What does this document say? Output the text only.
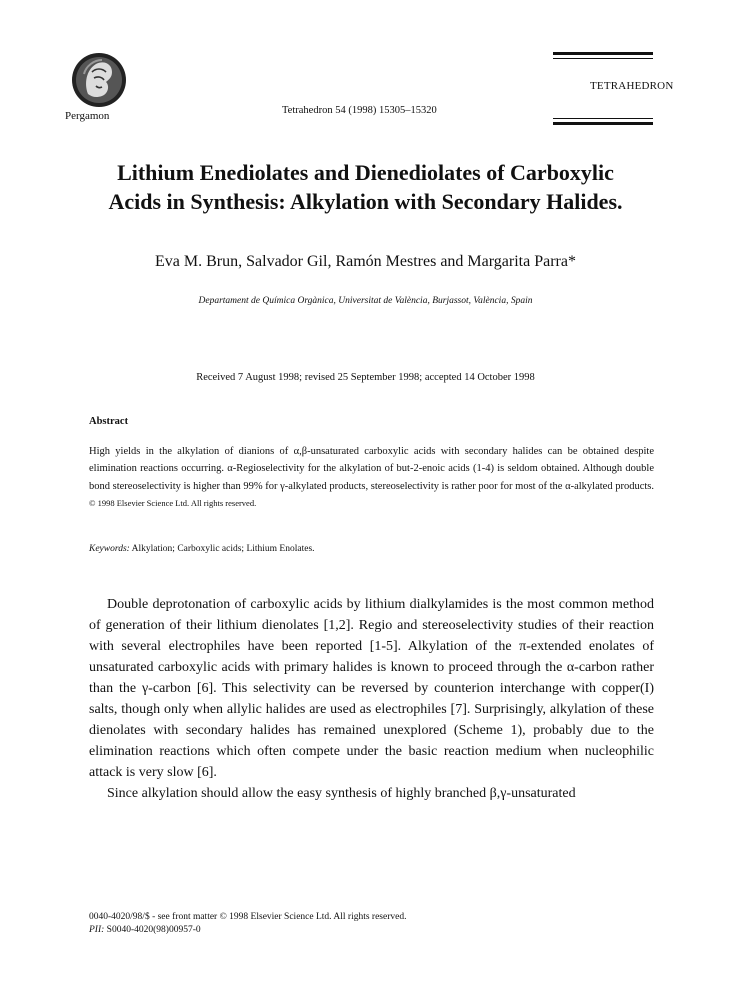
Pergamon
TETRAHEDRON
Tetrahedron 54 (1998) 15305–15320
Lithium Enediolates and Dienediolates of Carboxylic
Acids in Synthesis: Alkylation with Secondary Halides.
Eva M. Brun, Salvador Gil, Ramón Mestres and Margarita Parra*
Departament de Química Orgànica, Universitat de València, Burjassot, València, Spain
Received 7 August 1998; revised 25 September 1998; accepted 14 October 1998
Abstract
High yields in the alkylation of dianions of α,β-unsaturated carboxylic acids with secondary halides can be obtained despite elimination reactions occurring. α-Regioselectivity for the alkylation of but-2-enoic acids (1-4) is seldom obtained. Although double bond stereoselectivity is higher than 99% for γ-alkylated products, stereoselectivity is rather poor for most of the α-alkylated products. © 1998 Elsevier Science Ltd. All rights reserved.
Keywords: Alkylation; Carboxylic acids; Lithium Enolates.

Double deprotonation of carboxylic acids by lithium dialkylamides is the most common method of generation of their lithium dienolates [1,2]. Regio and stereoselectivity studies of their reaction with several electrophiles have been reported [1-5]. Alkylation of the π-extended enolates of unsaturated carboxylic acids with primary halides is known to proceed through the α-carbon rather than the γ-carbon [6]. This selectivity can be reversed by counterion interchange with copper(I) salts, though only when allylic halides are used as electrophiles [7]. Surprisingly, alkylation of these dienolates with secondary halides has remained unexplored (Scheme 1), probably due to the elimination reactions which often compete under the basic reaction medium when nucleophilic attack is very slow [6].

Since alkylation should allow the easy synthesis of highly branched β,γ-unsaturated

0040-4020/98/$ - see front matter © 1998 Elsevier Science Ltd. All rights reserved.
PII: S0040-4020(98)00957-0
